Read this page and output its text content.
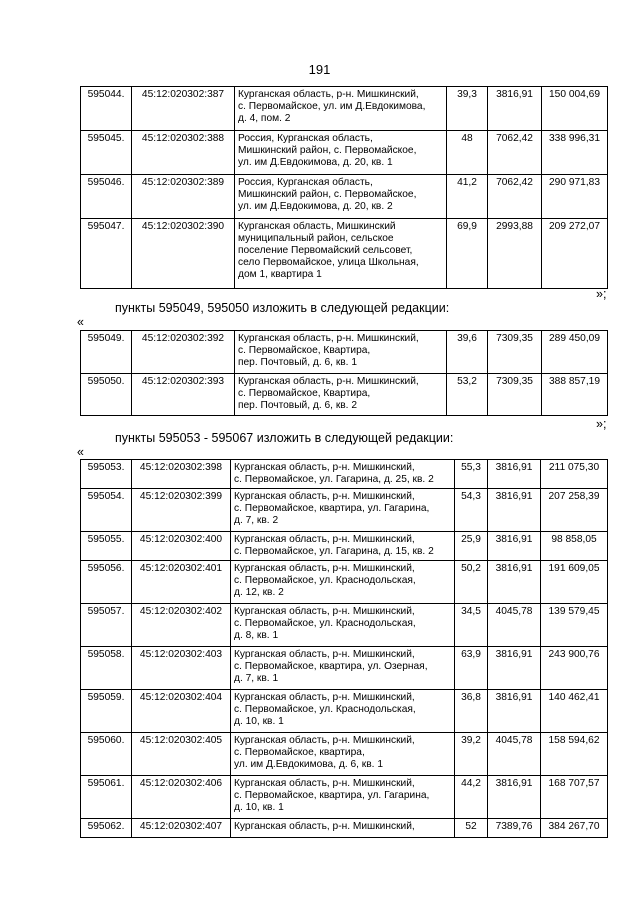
191
595044.	45:12:020302:387	Курганская область, р-н. Мишкинский,
с. Первомайское, ул. им Д.Евдокимова,
д. 4, пом. 2	39,3	3816,91	150 004,69
595045.	45:12:020302:388	Россия, Курганская область,
Мишкинский район, с. Первомайское,
ул. им Д.Евдокимова, д. 20, кв. 1	48	7062,42	338 996,31
595046.	45:12:020302:389	Россия, Курганская область,
Мишкинский район, с. Первомайское,
ул. им Д.Евдокимова, д. 20, кв. 2	41,2	7062,42	290 971,83
595047.	45:12:020302:390	Курганская область, Мишкинский
муниципальный район, сельское
поселение Первомайский сельсовет,
село Первомайское, улица Школьная,
дом 1, квартира 1	69,9	2993,88	209 272,07
»;
пункты 595049, 595050 изложить в следующей редакции:
«
595049.	45:12:020302:392	Курганская область, р-н. Мишкинский,
с. Первомайское, Квартира,
пер. Почтовый, д. 6, кв. 1	39,6	7309,35	289 450,09
595050.	45:12:020302:393	Курганская область, р-н. Мишкинский,
с. Первомайское, Квартира,
пер. Почтовый, д. 6, кв. 2	53,2	7309,35	388 857,19
»;
пункты 595053 - 595067 изложить в следующей редакции:
«
595053.	45:12:020302:398	Курганская область, р-н. Мишкинский,
с. Первомайское, ул. Гагарина, д. 25, кв. 2	55,3	3816,91	211 075,30
595054.	45:12:020302:399	Курганская область, р-н. Мишкинский,
с. Первомайское, квартира, ул. Гагарина,
д. 7, кв. 2	54,3	3816,91	207 258,39
595055.	45:12:020302:400	Курганская область, р-н. Мишкинский,
с. Первомайское, ул. Гагарина, д. 15, кв. 2	25,9	3816,91	98 858,05
595056.	45:12:020302:401	Курганская область, р-н. Мишкинский,
с. Первомайское, ул. Краснодольская,
д. 12, кв. 2	50,2	3816,91	191 609,05
595057.	45:12:020302:402	Курганская область, р-н. Мишкинский,
с. Первомайское, ул. Краснодольская,
д. 8, кв. 1	34,5	4045,78	139 579,45
595058.	45:12:020302:403	Курганская область, р-н. Мишкинский,
с. Первомайское, квартира, ул. Озерная,
д. 7, кв. 1	63,9	3816,91	243 900,76
595059.	45:12:020302:404	Курганская область, р-н. Мишкинский,
с. Первомайское, ул. Краснодольская,
д. 10, кв. 1	36,8	3816,91	140 462,41
595060.	45:12:020302:405	Курганская область, р-н. Мишкинский,
с. Первомайское, квартира,
ул. им Д.Евдокимова, д. 6, кв. 1	39,2	4045,78	158 594,62
595061.	45:12:020302:406	Курганская область, р-н. Мишкинский,
с. Первомайское, квартира, ул. Гагарина,
д. 10, кв. 1	44,2	3816,91	168 707,57
595062.	45:12:020302:407	Курганская область, р-н. Мишкинский,	52	7389,76	384 267,70
